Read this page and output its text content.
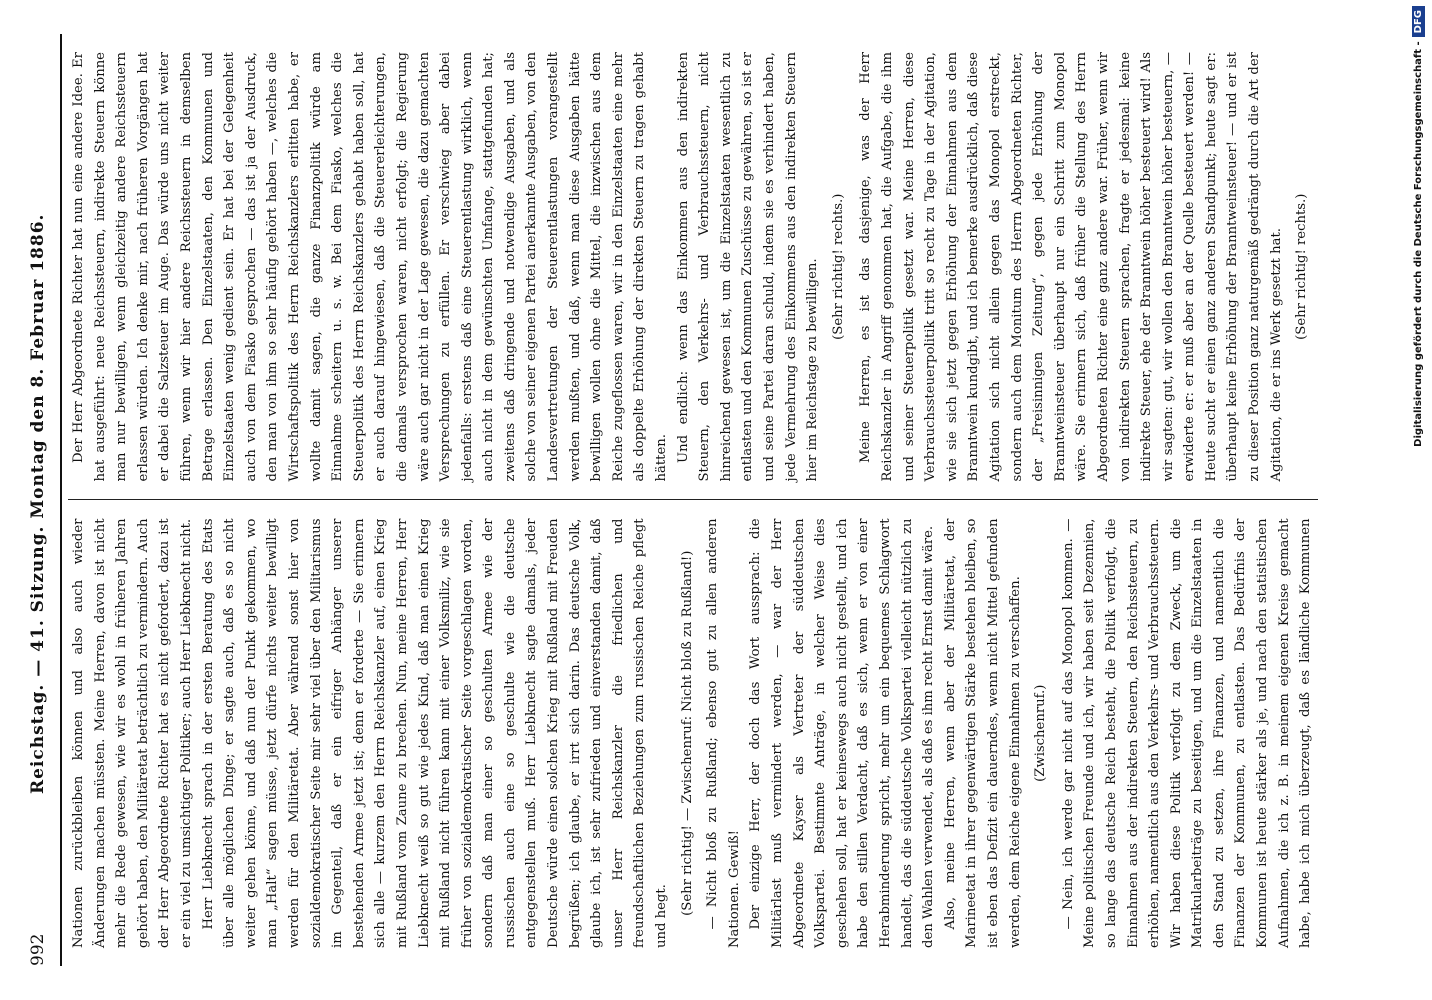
992
Reichstag. — 41. Sitzung. Montag den 8. Februar 1886. Nationen zurückbleiben können und also auch wieder Änderungen machen müssten. Meine Herren, davon ist nicht mehr die Rede gewesen, wie wir es wohl in früheren Jahren gehört haben, den Militäretat beträchtlich zu vermindern. Auch der Herr Abgeordnete Richter hat es nicht gefordert, dazu ist er ein viel zu umsichtiger Politiker; auch Herr Liebknecht nicht. Herr Liebknecht sprach in der ersten Beratung des Etats über alle möglichen Dinge; er sagte auch, daß es so nicht weiter gehen könne, und daß nun der Punkt gekommen, wo man „Halt“ sagen müsse, jetzt dürfe nichts weiter bewilligt werden für den Militäretat. Aber während sonst hier von sozialdemokratischer Seite mir sehr viel über den Militarismus im Gegenteil, daß er ein eifriger Anhänger unserer bestehenden Armee jetzt ist; denn er forderte — Sie erinnern sich alle — kurzem den Herrn Reichskanzler auf, einen Krieg mit Rußland vom Zaune zu brechen. Nun, meine Herren, Herr Liebknecht weiß so gut wie jedes Kind, daß man einen Krieg mit Rußland nicht führen kann mit einer Volksmiliz, wie sie früher von sozialdemokratischer Seite vorgeschlagen worden, sondern daß man einer so geschulten Armee wie der russischen auch eine so geschulte wie die deutsche entgegenstellen muß. Herr Liebknecht sagte damals, jeder Deutsche würde einen solchen Krieg mit Rußland mit Freuden begrüßen; ich glaube, er irrt sich darin. Das deutsche Volk, glaube ich, ist sehr zufrieden und einverstanden damit, daß unser Herr Reichskanzler die friedlichen und freundschaftlichen Beziehungen zum russischen Reiche pflegt und hegt.

(Sehr richtig! — Zwischenruf: Nicht bloß zu Rußland!) — Nicht bloß zu Rußland; ebenso gut zu allen anderen Nationen. Gewiß! Der einzige Herr, der doch das Wort aussprach: die Militärlast muß vermindert werden, — war der Herr Abgeordnete Kayser als Vertreter der süddeutschen Volkspartei. Bestimmte Anträge, in welcher Weise dies geschehen soll, hat er keineswegs auch nicht gestellt, und ich habe den stillen Verdacht, daß es sich, wenn er von einer Herabminderung spricht, mehr um ein bequemes Schlagwort handelt, das die süddeutsche Volkspartei vielleicht nützlich zu den Wahlen verwendet, als daß es ihm recht Ernst damit wäre. Also, meine Herren, wenn aber der Militäretat, der Marineetat in ihrer gegenwärtigen Stärke bestehen bleiben, so ist eben das Defizit ein dauerndes, wenn nicht Mittel gefunden werden, dem Reiche eigene Einnahmen zu verschaffen. (Zwischenruf.)

— Nein, ich werde gar nicht auf das Monopol kommen. — Meine politischen Freunde und ich, wir haben seit Dezennien, so lange das deutsche Reich besteht, die Politik verfolgt, die Einnahmen aus der indirekten Steuern, den Reichssteuern, zu erhöhen, namentlich aus den Verkehrs- und Verbrauchssteuern. Wir haben diese Politik verfolgt zu dem Zweck, um die Matrikularbeiträge zu beseitigen, und um die Einzelstaaten in den Stand zu setzen, ihre Finanzen, und namentlich die Finanzen der Kommunen, zu entlasten. Das Bedürfnis der Kommunen ist heute stärker als je, und nach den statistischen Aufnahmen, die ich z. B. in meinem eigenen Kreise gemacht habe, habe ich mich überzeugt, daß es ländliche Kommunen

Der Herr Abgeordnete Richter hat nun eine andere Idee. Er hat ausgeführt: neue Reichssteuern, indirekte Steuern könne man nur bewilligen, wenn gleichzeitig andere Reichssteuern erlassen würden. Ich denke mir, nach früheren Vorgängen hat er dabei die Salzsteuer im Auge. Das würde uns nicht weiter führen, wenn wir hier andere Reichssteuern in demselben Betrage erlassen. Den Einzelstaaten, den Kommunen und Einzelstaaten wenig gedient sein. Er hat bei der Gelegenheit auch von dem Fiasko gesprochen — das ist ja der Ausdruck, den man von ihm so sehr häufig gehört haben —, welches die Wirtschaftspolitik des Herrn Reichskanzlers erlitten habe, er wollte damit sagen, die ganze Finanzpolitik würde am Einnahme scheitern u. s. w. Bei dem Fiasko, welches die Steuerpolitik des Herrn Reichskanzlers gehabt haben soll, hat er auch darauf hingewiesen, daß die Steuererleichterungen, die damals versprochen waren, nicht erfolgt; die Regierung wäre auch gar nicht in der Lage gewesen, die dazu gemachten Versprechungen zu erfüllen. Er verschwieg aber dabei jedenfalls: erstens daß eine Steuerentlastung wirklich, wenn auch nicht in dem gewünschten Umfange, stattgefunden hat; zweitens daß dringende und notwendige Ausgaben, und als solche von seiner eigenen Partei anerkannte Ausgaben, von den Landesvertretungen der Steuerentlastungen vorangestellt werden mußten, und daß, wenn man diese Ausgaben hätte bewilligen wollen ohne die Mittel, die inzwischen aus dem Reiche zugeflossen waren, wir in den Einzelstaaten eine mehr als doppelte Erhöhung der direkten Steuern zu tragen gehabt hätten. Und endlich: wenn das Einkommen aus den indirekten Steuern, den Verkehrs- und Verbrauchssteuern, nicht hinreichend gewesen ist, um die Einzelstaaten wesentlich zu entlasten und den Kommunen Zuschüsse zu gewähren, so ist er und seine Partei daran schuld, indem sie es verhindert haben, jede Vermehrung des Einkommens aus den indirekten Steuern hier im Reichstage zu bewilligen. (Sehr richtig! rechts.) Meine Herren, es ist das dasjenige, was der Herr Reichskanzler in Angriff genommen hat, die Aufgabe, die ihm und seiner Steuerpolitik gesetzt war. Meine Herren, diese Verbrauchssteuerpolitik tritt so recht zu Tage in der Agitation, wie sie sich jetzt gegen Erhöhung der Einnahmen aus dem Branntwein kundgibt, und ich bemerke ausdrücklich, daß diese Agitation sich nicht allein gegen das Monopol erstreckt, sondern auch dem Monitum des Herrn Abgeordneten Richter, der „Freisinnigen Zeitung“, gegen jede Erhöhung der Branntweinsteuer überhaupt nur ein Schritt zum Monopol wäre. Sie erinnern sich, daß früher die Stellung des Herrn Abgeordneten Richter eine ganz andere war. Früher, wenn wir von indirekten Steuern sprachen, fragte er jedesmal: keine indirekte Steuer, ehe der Branntwein höher besteuert wird! Als wir sagten: gut, wir wollen den Branntwein höher besteuern, — erwiderte er: er muß aber an der Quelle besteuert werden! — Heute sucht er einen ganz anderen Standpunkt; heute sagt er: überhaupt keine Erhöhung der Branntweinsteuer! — und er ist zu dieser Position ganz naturgemäß gedrängt durch die Art der Agitation, die er ins Werk gesetzt hat. (Sehr richtig! rechts.)	Digitalisierung gefördert durch die Deutsche Forschungsgemeinschaft -
DFG
